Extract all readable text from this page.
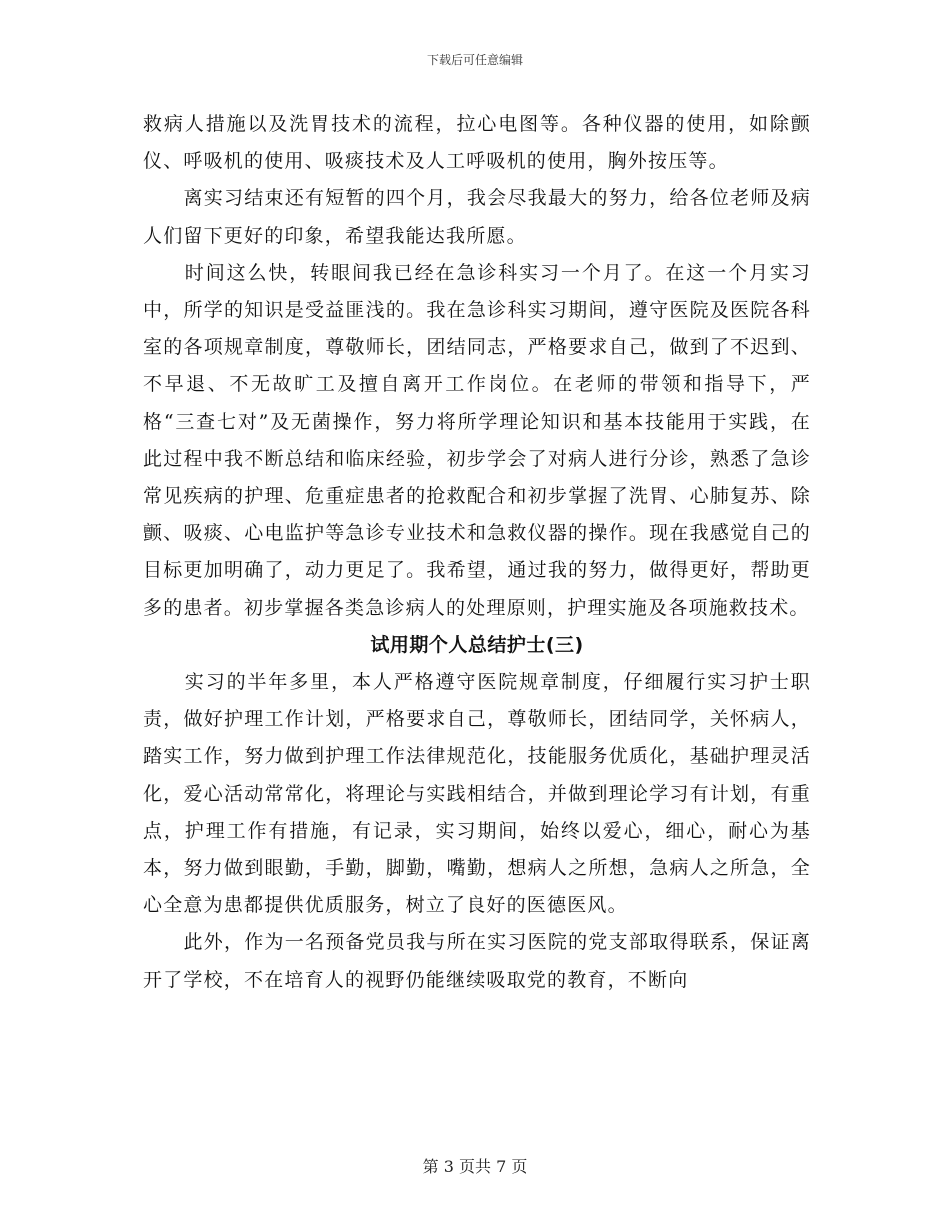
下载后可任意编辑

救病人措施以及洗胃技术的流程，拉心电图等。各种仪器的使用，如除颤仪、呼吸机的使用、吸痰技术及人工呼吸机的使用，胸外按压等。

　　离实习结束还有短暂的四个月，我会尽我最大的努力，给各位老师及病人们留下更好的印象，希望我能达我所愿。

　　时间这么快，转眼间我已经在急诊科实习一个月了。在这一个月实习中，所学的知识是受益匪浅的。我在急诊科实习期间，遵守医院及医院各科室的各项规章制度，尊敬师长，团结同志，严格要求自己，做到了不迟到、不早退、不无故旷工及擅自离开工作岗位。在老师的带领和指导下，严格“三查七对”及无菌操作，努力将所学理论知识和基本技能用于实践，在此过程中我不断总结和临床经验，初步学会了对病人进行分诊，熟悉了急诊常见疾病的护理、危重症患者的抢救配合和初步掌握了洗胃、心肺复苏、除颤、吸痰、心电监护等急诊专业技术和急救仪器的操作。现在我感觉自己的目标更加明确了，动力更足了。我希望，通过我的努力，做得更好，帮助更多的患者。初步掌握各类急诊病人的处理原则，护理实施及各项施救技术。

试用期个人总结护士(三)

　　实习的半年多里，本人严格遵守医院规章制度，仔细履行实习护士职责，做好护理工作计划，严格要求自己，尊敬师长，团结同学，关怀病人，踏实工作，努力做到护理工作法律规范化，技能服务优质化，基础护理灵活化，爱心活动常常化，将理论与实践相结合，并做到理论学习有计划，有重点，护理工作有措施，有记录，实习期间，始终以爱心，细心，耐心为基本，努力做到眼勤，手勤，脚勤，嘴勤，想病人之所想，急病人之所急，全心全意为患都提供优质服务，树立了良好的医德医风。

　　此外，作为一名预备党员我与所在实习医院的党支部取得联系，保证离开了学校，不在培育人的视野仍能继续吸取党的教育，不断向

第 3 页共 7 页
